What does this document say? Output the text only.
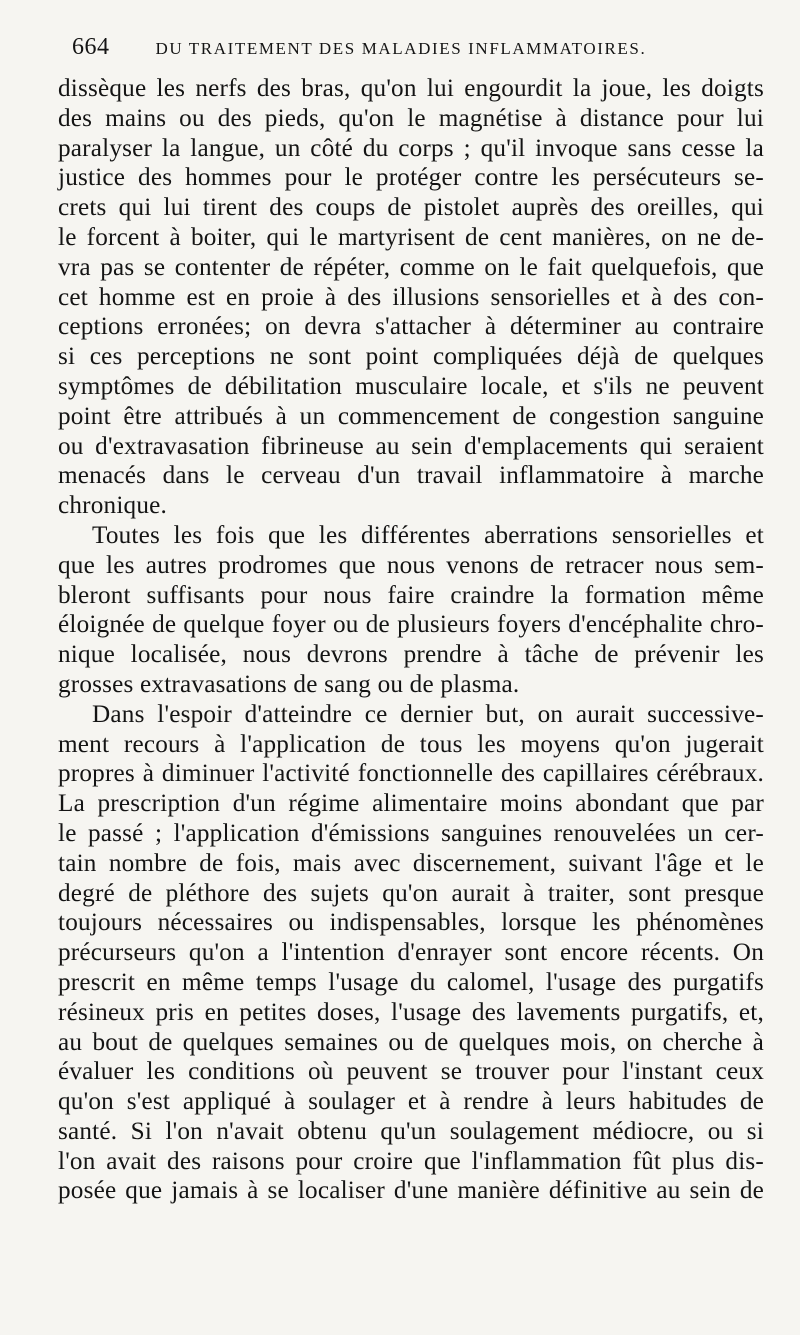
664	DU TRAITEMENT DES MALADIES INFLAMMATOIRES.
dissèque les nerfs des bras, qu'on lui engourdit la joue, les doigts
des mains ou des pieds, qu'on le magnétise à distance pour lui
paralyser la langue, un côté du corps ; qu'il invoque sans cesse la
justice des hommes pour le protéger contre les persécuteurs se-
crets qui lui tirent des coups de pistolet auprès des oreilles, qui
le forcent à boiter, qui le martyrisent de cent manières, on ne de-
vra pas se contenter de répéter, comme on le fait quelquefois, que
cet homme est en proie à des illusions sensorielles et à des con-
ceptions erronées; on devra s'attacher à déterminer au contraire
si ces perceptions ne sont point compliquées déjà de quelques
symptômes de débilitation musculaire locale, et s'ils ne peuvent
point être attribués à un commencement de congestion sanguine
ou d'extravasation fibrineuse au sein d'emplacements qui seraient
menacés dans le cerveau d'un travail inflammatoire à marche
chronique.
Toutes les fois que les différentes aberrations sensorielles et
que les autres prodromes que nous venons de retracer nous sem-
bleront suffisants pour nous faire craindre la formation même
éloignée de quelque foyer ou de plusieurs foyers d'encéphalite chro-
nique localisée, nous devrons prendre à tâche de prévenir les
grosses extravasations de sang ou de plasma.
Dans l'espoir d'atteindre ce dernier but, on aurait successive-
ment recours à l'application de tous les moyens qu'on jugerait
propres à diminuer l'activité fonctionnelle des capillaires cérébraux.
La prescription d'un régime alimentaire moins abondant que par
le passé ; l'application d'émissions sanguines renouvelées un cer-
tain nombre de fois, mais avec discernement, suivant l'âge et le
degré de pléthore des sujets qu'on aurait à traiter, sont presque
toujours nécessaires ou indispensables, lorsque les phénomènes
précurseurs qu'on a l'intention d'enrayer sont encore récents. On
prescrit en même temps l'usage du calomel, l'usage des purgatifs
résineux pris en petites doses, l'usage des lavements purgatifs, et,
au bout de quelques semaines ou de quelques mois, on cherche à
évaluer les conditions où peuvent se trouver pour l'instant ceux
qu'on s'est appliqué à soulager et à rendre à leurs habitudes de
santé. Si l'on n'avait obtenu qu'un soulagement médiocre, ou si
l'on avait des raisons pour croire que l'inflammation fût plus dis-
posée que jamais à se localiser d'une manière définitive au sein de
